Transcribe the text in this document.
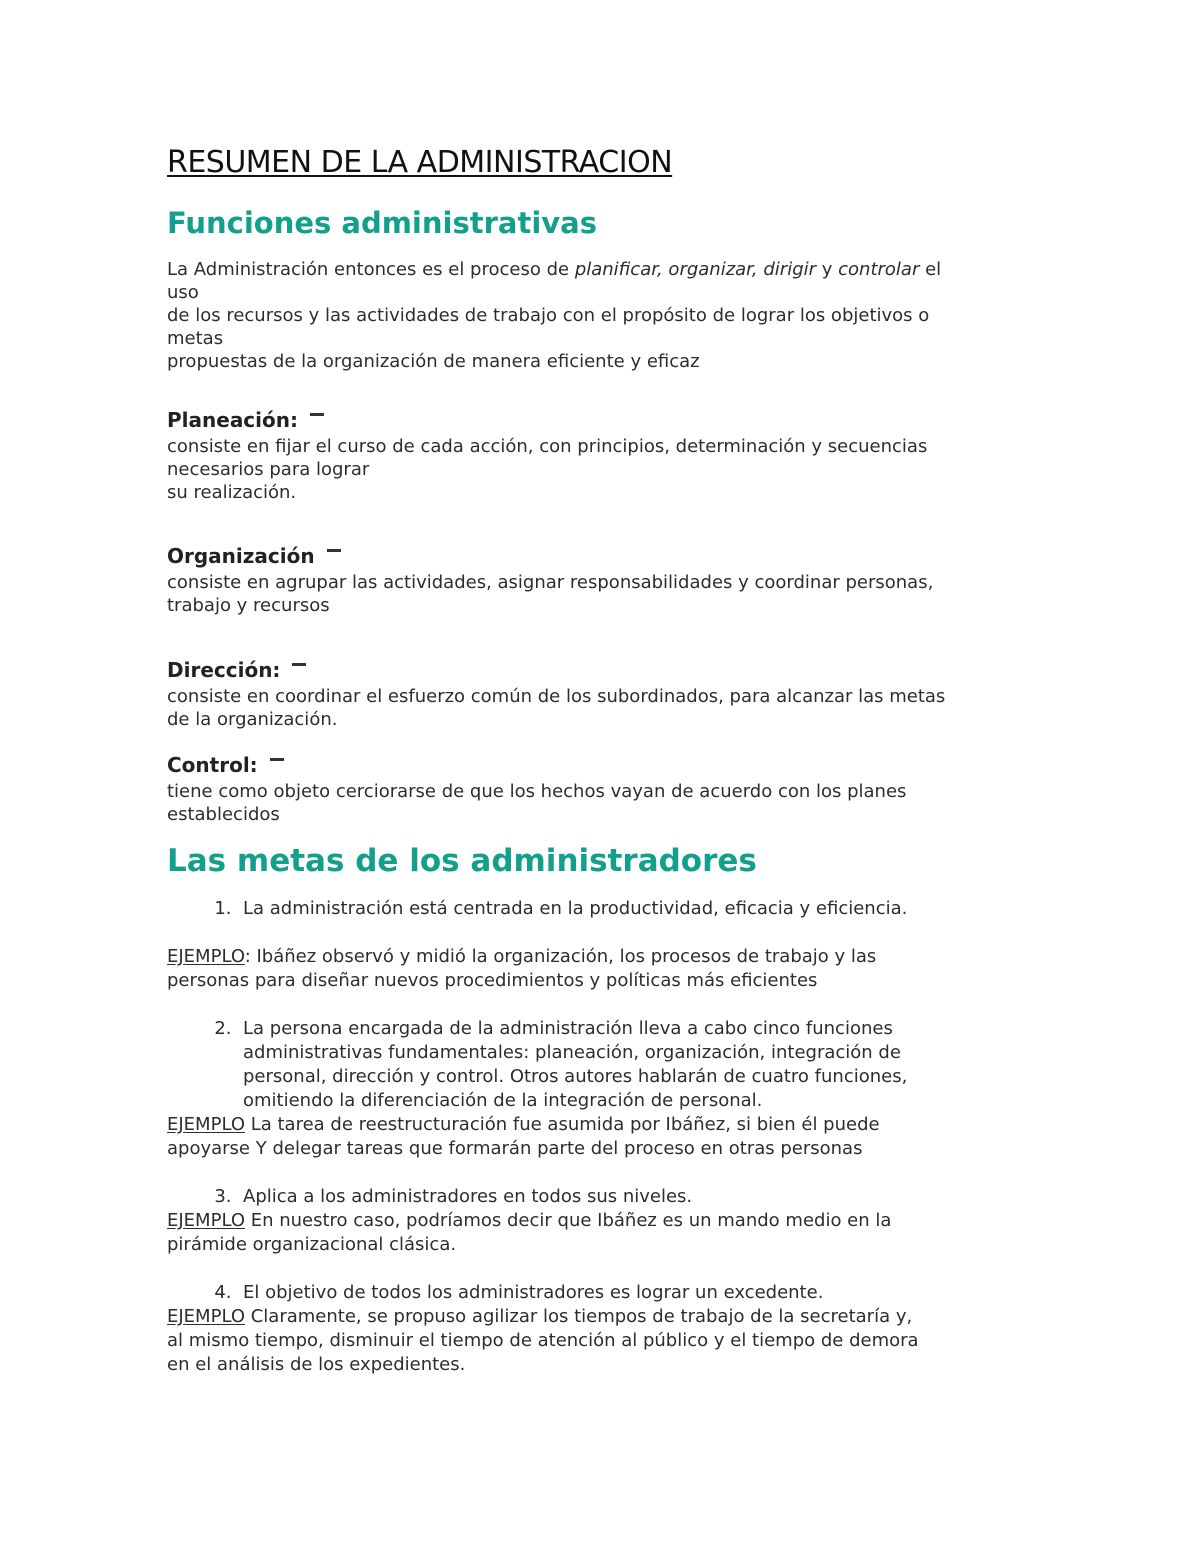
RESUMEN DE LA ADMINISTRACION
Funciones administrativas

La Administración entonces es el proceso de planificar, organizar, dirigir y controlar el

uso

de los recursos y las actividades de trabajo con el propósito de lograr los objetivos o

metas

propuestas de la organización de manera eficiente y eficaz

Planeación:

consiste en fijar el curso de cada acción, con principios, determinación y secuencias

necesarios para lograr

su realización.

Organización

consiste en agrupar las actividades, asignar responsabilidades y coordinar personas,

trabajo y recursos

Dirección:

consiste en coordinar el esfuerzo común de los subordinados, para alcanzar las metas

de la organización.

Control:

tiene como objeto cerciorarse de que los hechos vayan de acuerdo con los planes

establecidos

Las metas de los administradores
1. La administración está centrada en la productividad, eficacia y eficiencia.
EJEMPLO: Ibáñez observó y midió la organización, los procesos de trabajo y las
personas para diseñar nuevos procedimientos y políticas más eficientes
2. La persona encargada de la administración lleva a cabo cinco funciones
administrativas fundamentales: planeación, organización, integración de
personal, dirección y control. Otros autores hablarán de cuatro funciones,
omitiendo la diferenciación de la integración de personal.
EJEMPLO La tarea de reestructuración fue asumida por Ibáñez, si bien él puede
apoyarse Y delegar tareas que formarán parte del proceso en otras personas
3. Aplica a los administradores en todos sus niveles.
EJEMPLO En nuestro caso, podríamos decir que Ibáñez es un mando medio en la
pirámide organizacional clásica.
4. El objetivo de todos los administradores es lograr un excedente.
EJEMPLO Claramente, se propuso agilizar los tiempos de trabajo de la secretaría y,
al mismo tiempo, disminuir el tiempo de atención al público y el tiempo de demora
en el análisis de los expedientes.
